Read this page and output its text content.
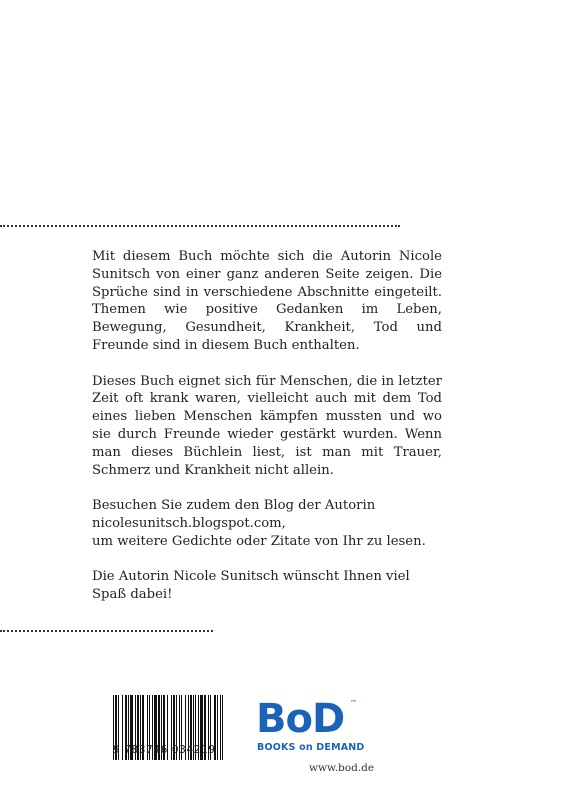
Mit diesem Buch möchte sich die Autorin Nicole Sunitsch von einer ganz anderen Seite zeigen. Die Sprüche sind in verschiedene Abschnitte eingeteilt. Themen wie positive Gedanken im Leben, Bewegung, Gesundheit, Krankheit, Tod und Freunde sind in diesem Buch enthalten.

Dieses Buch eignet sich für Menschen, die in letzter Zeit oft krank waren, vielleicht auch mit dem Tod eines lieben Menschen kämpfen mussten und wo sie durch Freunde wieder gestärkt wurden. Wenn man dieses Büchlein liest, ist man mit Trauer, Schmerz und Krankheit nicht allein.

Besuchen Sie zudem den Blog der Autorin
nicolesunitsch.blogspot.com,
um weitere Gedichte oder Zitate von Ihr zu lesen.

Die Autorin Nicole Sunitsch wünscht Ihnen viel Spaß dabei!

9 783746 034219
BoD ™
BOOKS on DEMAND
www.bod.de
